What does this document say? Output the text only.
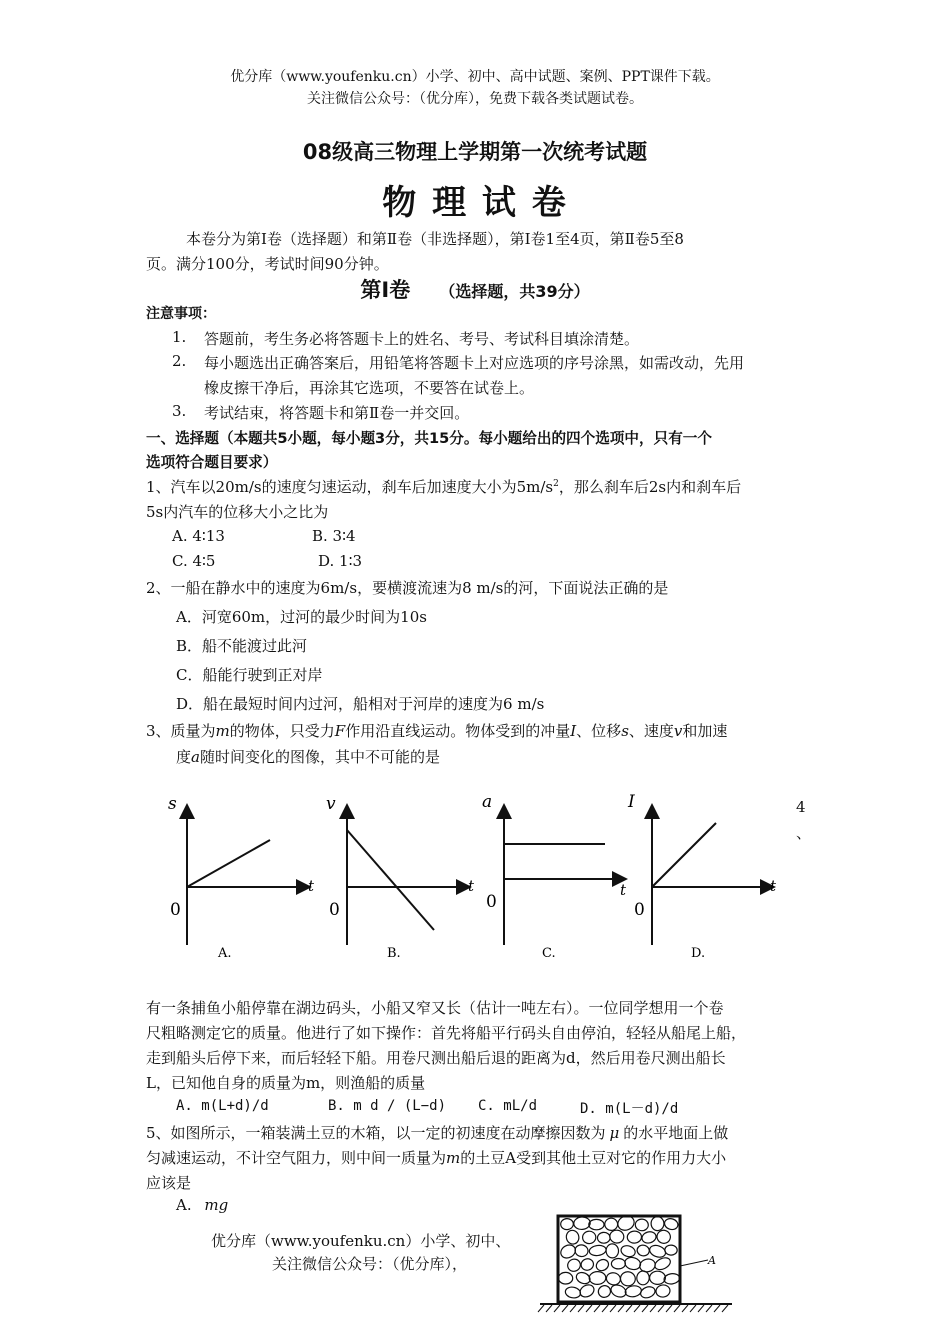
优分库（www.youfenku.cn）小学、初中、高中试题、案例、PPT课件下载。
关注微信公众号：（优分库），免费下载各类试题试卷。
08级高三物理上学期第一次统考试题
物 理 试 卷
本卷分为第Ⅰ卷（选择题）和第Ⅱ卷（非选择题），第Ⅰ卷1至4页，第Ⅱ卷5至8
页。满分100分，考试时间90分钟。
第Ⅰ卷 （选择题，共39分）
注意事项：
1. 答题前，考生务必将答题卡上的姓名、考号、考试科目填涂清楚。
2. 每小题选出正确答案后，用铅笔将答题卡上对应选项的序号涂黑，如需改动，先用
橡皮擦干净后，再涂其它选项，不要答在试卷上。
3. 考试结束，将答题卡和第Ⅱ卷一并交回。
一、选择题（本题共5小题，每小题3分，共15分。每小题给出的四个选项中，只有一个
选项符合题目要求）
1、汽车以20m/s的速度匀速运动，刹车后加速度大小为$5m/s^2$，那么刹车后2s内和刹车后
5s内汽车的位移大小之比为
A. 4∶13	B. 3∶4
C. 4∶5	D. 1∶3
2、一船在静水中的速度为6m/s，要横渡流速为8 m/s的河，下面说法正确的是
A．河宽60m，过河的最少时间为10s
B．船不能渡过此河
C．船能行驶到正对岸
D．船在最短时间内过河，船相对于河岸的速度为6 m/s
3、质量为m的物体，只受力F作用沿直线运动。物体受到的冲量I、位移s、速度v和加速
度a随时间变化的图像，其中不可能的是
s
t
0
A.
v
t
0
B.
a
t
0
C.
I
t
0
D.
4
、
有一条捕鱼小船停靠在湖边码头，小船又窄又长（估计一吨左右）。一位同学想用一个卷
尺粗略测定它的质量。他进行了如下操作：首先将船平行码头自由停泊，轻轻从船尾上船，
走到船头后停下来，而后轻轻下船。用卷尺测出船后退的距离为d，然后用卷尺测出船长
L，已知他自身的质量为m，则渔船的质量
A. m(L+d)/d	B. m d / (L−d) C. mL/d	D. m(L－d)/d
5、如图所示，一箱装满土豆的木箱，以一定的初速度在动摩擦因数为 μ 的水平地面上做
匀减速运动，不计空气阻力，则中间一质量为m的土豆A受到其他土豆对它的作用力大小
应该是
A. mg
优分库（www.youfenku.cn）小学、初中、
关注微信公众号：（优分库），	A
